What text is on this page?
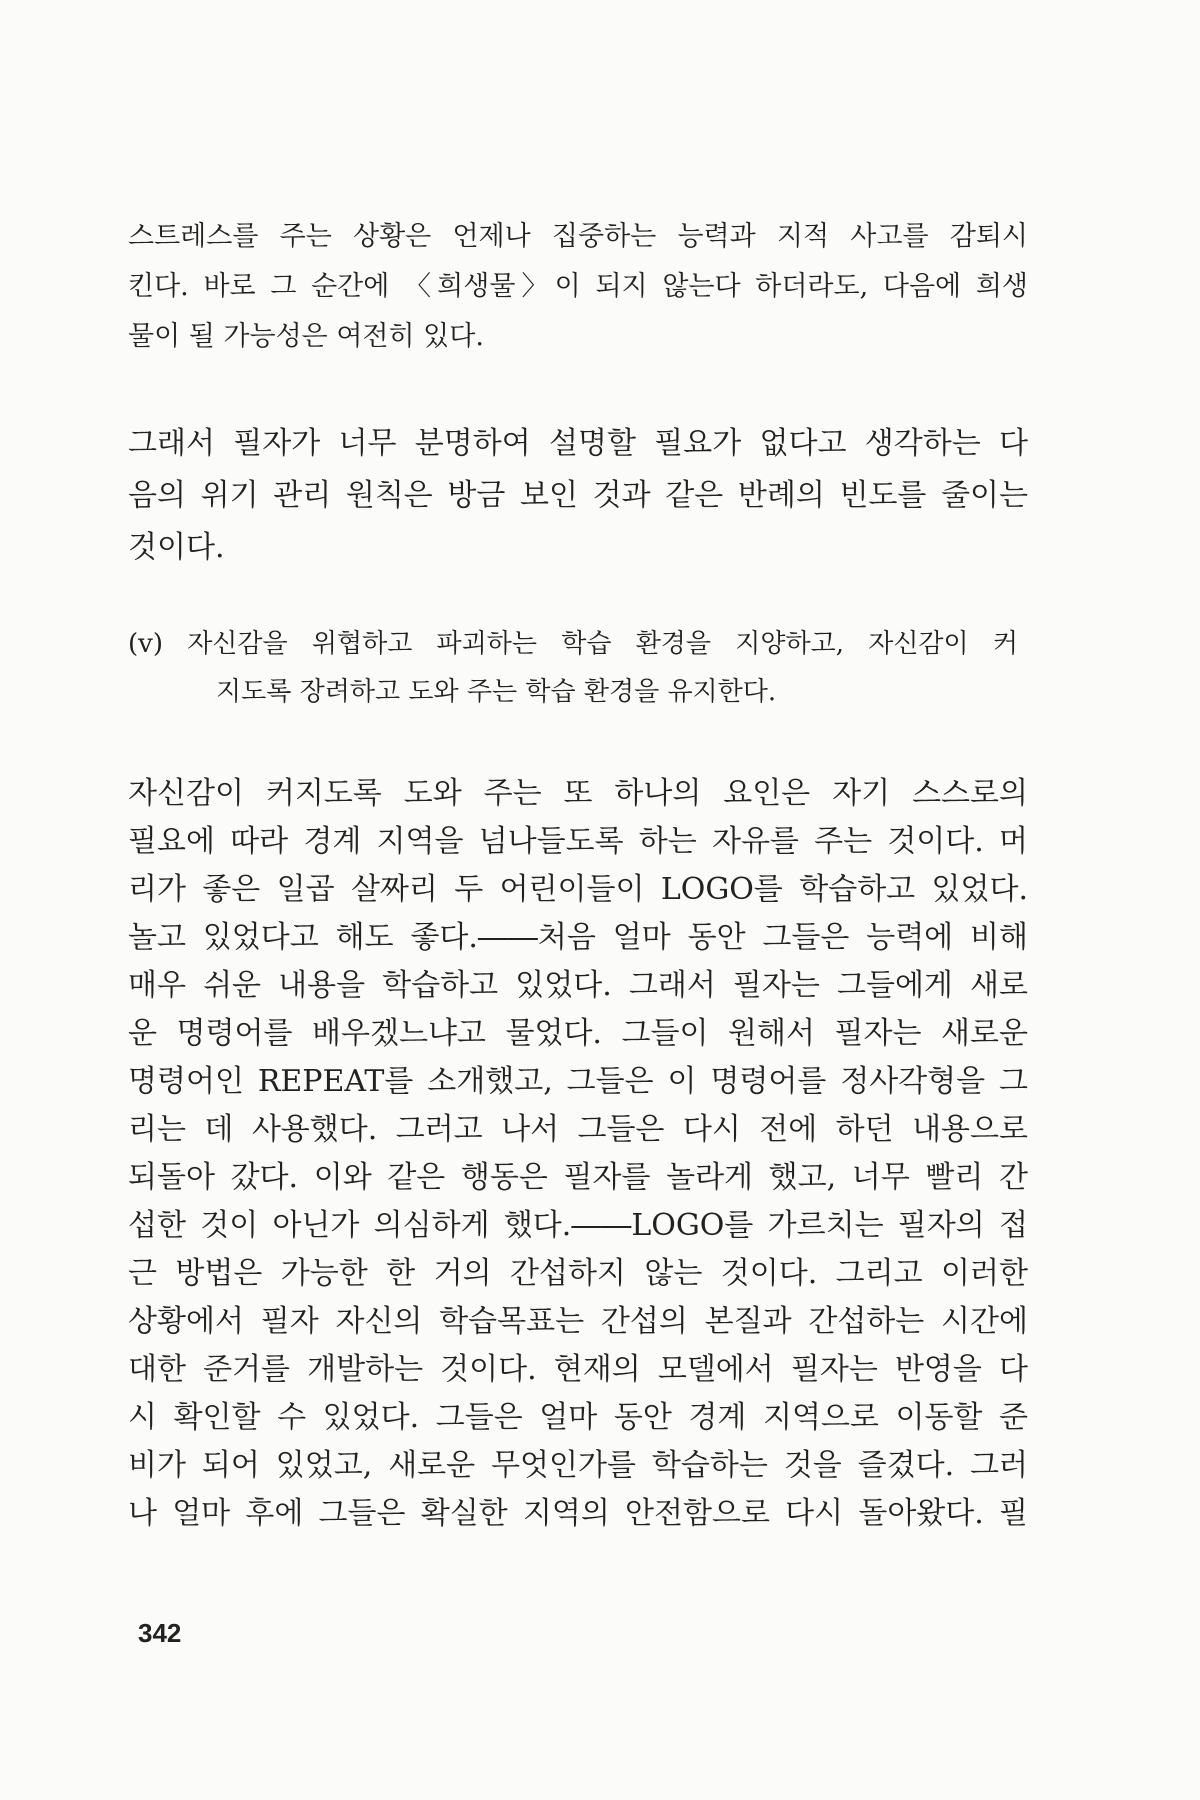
스트레스를 주는 상황은 언제나 집중하는 능력과 지적 사고를 감퇴시
킨다. 바로 그 순간에 〈희생물〉이 되지 않는다 하더라도, 다음에 희생
물이 될 가능성은 여전히 있다.
그래서 필자가 너무 분명하여 설명할 필요가 없다고 생각하는 다
음의 위기 관리 원칙은 방금 보인 것과 같은 반례의 빈도를 줄이는
것이다.
(v) 자신감을 위협하고 파괴하는 학습 환경을 지양하고, 자신감이 커
지도록 장려하고 도와 주는 학습 환경을 유지한다.
자신감이 커지도록 도와 주는 또 하나의 요인은 자기 스스로의
필요에 따라 경계 지역을 넘나들도록 하는 자유를 주는 것이다. 머
리가 좋은 일곱 살짜리 두 어린이들이 LOGO를 학습하고 있었다.
놀고 있었다고 해도 좋다.――처음 얼마 동안 그들은 능력에 비해
매우 쉬운 내용을 학습하고 있었다. 그래서 필자는 그들에게 새로
운 명령어를 배우겠느냐고 물었다. 그들이 원해서 필자는 새로운
명령어인 REPEAT를 소개했고, 그들은 이 명령어를 정사각형을 그
리는 데 사용했다. 그러고 나서 그들은 다시 전에 하던 내용으로
되돌아 갔다. 이와 같은 행동은 필자를 놀라게 했고, 너무 빨리 간
섭한 것이 아닌가 의심하게 했다.――LOGO를 가르치는 필자의 접
근 방법은 가능한 한 거의 간섭하지 않는 것이다. 그리고 이러한
상황에서 필자 자신의 학습목표는 간섭의 본질과 간섭하는 시간에
대한 준거를 개발하는 것이다. 현재의 모델에서 필자는 반영을 다
시 확인할 수 있었다. 그들은 얼마 동안 경계 지역으로 이동할 준
비가 되어 있었고, 새로운 무엇인가를 학습하는 것을 즐겼다. 그러
나 얼마 후에 그들은 확실한 지역의 안전함으로 다시 돌아왔다. 필
342
